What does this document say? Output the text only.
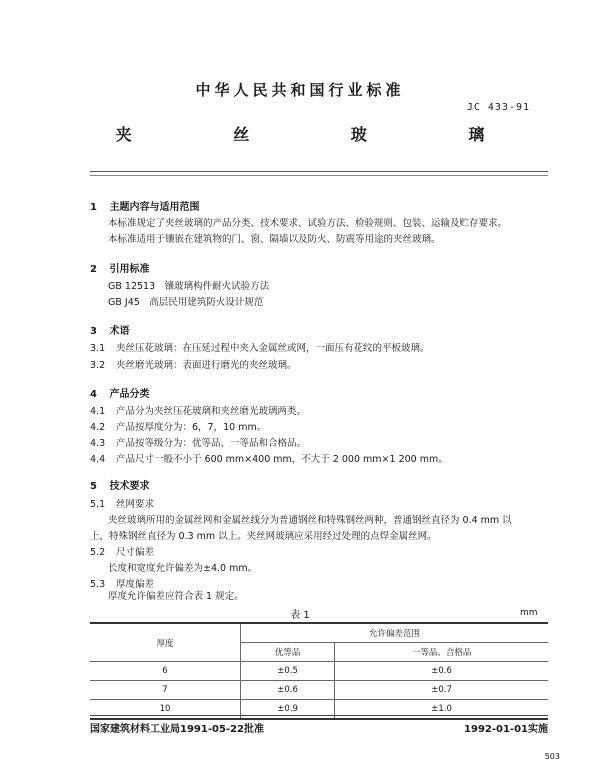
中华人民共和国行业标准
JC 433-91
夹 丝 玻 璃
1 主题内容与适用范围
本标准规定了夹丝玻璃的产品分类、技术要求、试验方法、检验规则、包装、运输及贮存要求。
本标准适用于镶嵌在建筑物的门、窗、隔墙以及防火、防震等用途的夹丝玻璃。
2 引用标准
GB 12513　镶玻璃构件耐火试验方法
GB J45　高层民用建筑防火设计规范
3 术语
3.1 夹丝压花玻璃：在压延过程中夹入金属丝或网，一面压有花纹的平板玻璃。
3.2 夹丝磨光玻璃：表面进行磨光的夹丝玻璃。
4 产品分类
4.1 产品分为夹丝压花玻璃和夹丝磨光玻璃两类。
4.2 产品按厚度分为：6，7，10 mm。
4.3 产品按等级分为：优等品、一等品和合格品。
4.4 产品尺寸一般不小于 600 mm×400 mm，不大于 2 000 mm×1 200 mm。
5 技术要求
5.1 丝网要求
夹丝玻璃所用的金属丝网和金属丝线分为普通钢丝和特殊钢丝两种，普通钢丝直径为 0.4 mm 以
上，特殊钢丝直径为 0.3 mm 以上。夹丝网玻璃应采用经过处理的点焊金属丝网。
5.2 尺寸偏差
长度和宽度允许偏差为±4.0 mm。
5.3 厚度偏差
厚度允许偏差应符合表 1 规定。
表 1	mm
厚度	允许偏差范围	
	优等品	一等品、合格品
6	±0.5	±0.6
7	±0.6	±0.7
10	±0.9	±1.0
国家建筑材料工业局1991-05-22批准	1992-01-01实施
503
